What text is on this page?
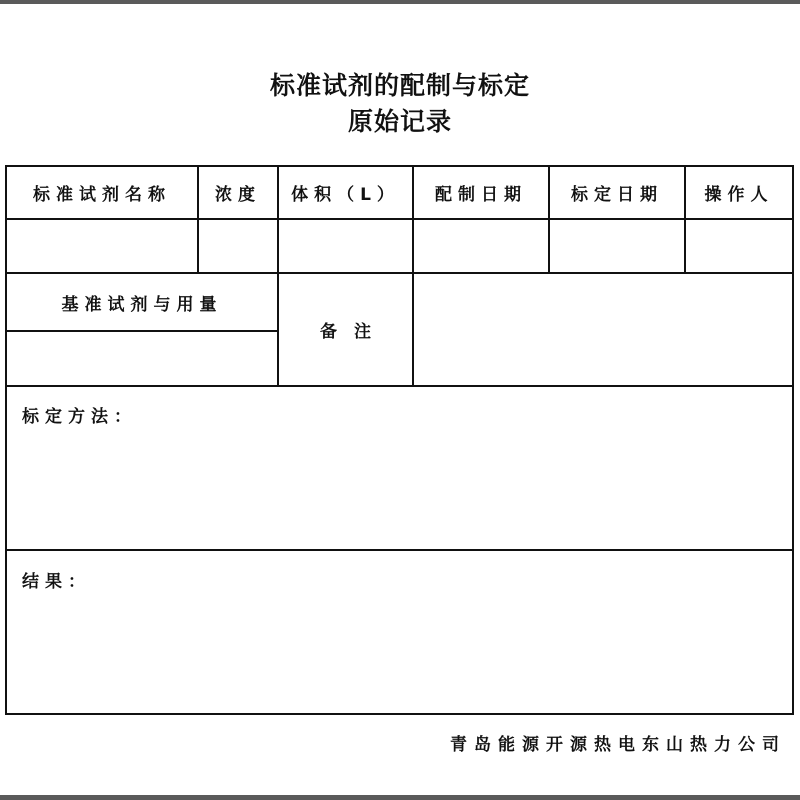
标准试剂的配制与标定
原始记录
标准试剂名称	浓度	体积（L）	配制日期	标定日期	操作人
基准试剂与用量
备　注
标定方法：
结果：
青岛能源开源热电东山热力公司
